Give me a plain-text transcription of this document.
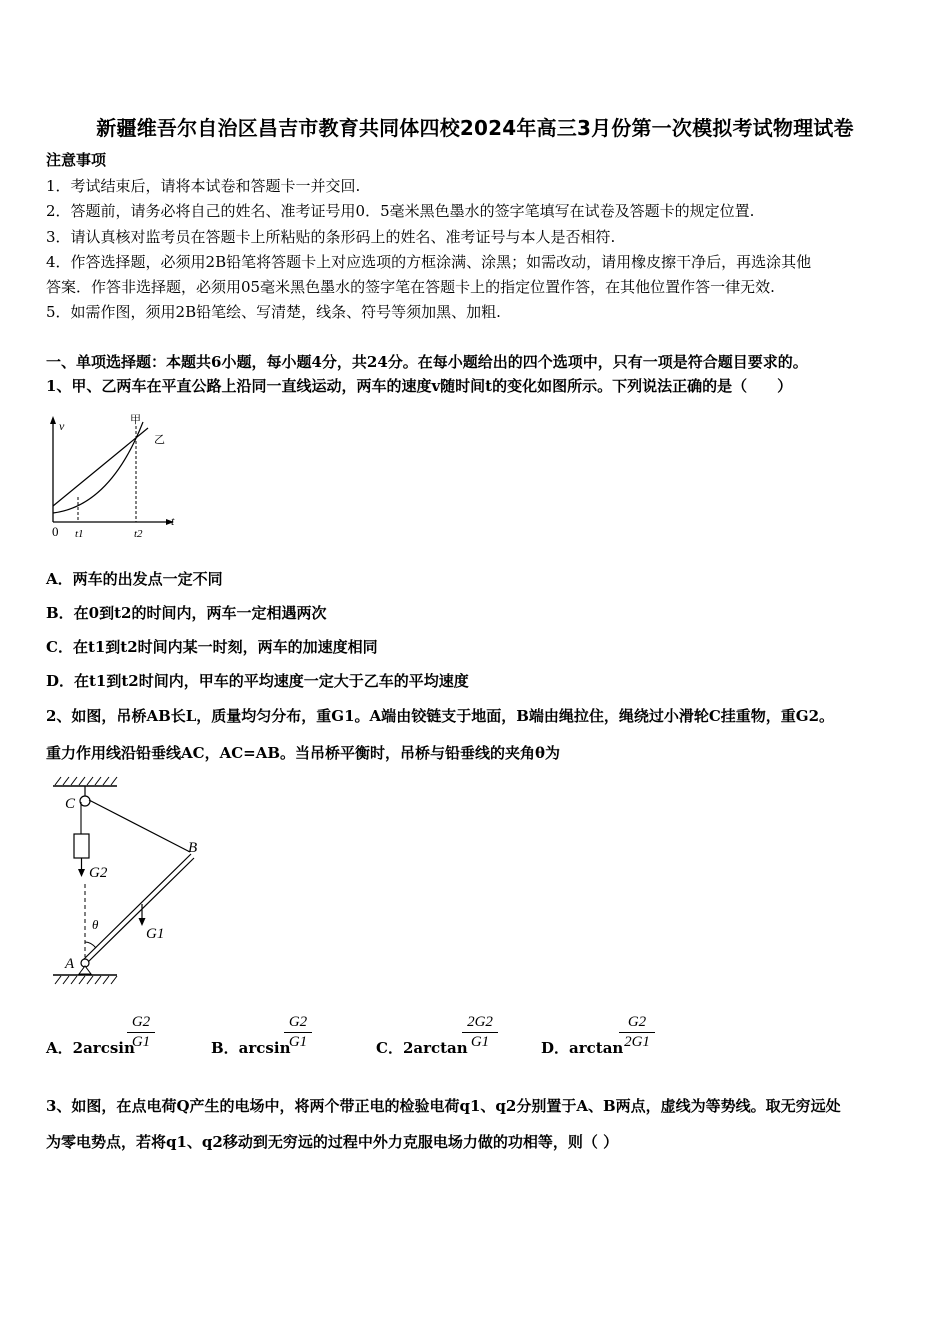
新疆维吾尔自治区昌吉市教育共同体四校2024年高三3月份第一次模拟考试物理试卷
注意事项
1．考试结束后，请将本试卷和答题卡一并交回.
2．答题前，请务必将自己的姓名、准考证号用0．5毫米黑色墨水的签字笔填写在试卷及答题卡的规定位置.
3．请认真核对监考员在答题卡上所粘贴的条形码上的姓名、准考证号与本人是否相符.
4．作答选择题，必须用2B铅笔将答题卡上对应选项的方框涂满、涂黑；如需改动，请用橡皮擦干净后，再选涂其他
答案．作答非选择题，必须用05毫米黑色墨水的签字笔在答题卡上的指定位置作答，在其他位置作答一律无效.
5．如需作图，须用2B铅笔绘、写清楚，线条、符号等须加黑、加粗.
一、单项选择题：本题共6小题，每小题4分，共24分。在每小题给出的四个选项中，只有一项是符合题目要求的。
1、甲、乙两车在平直公路上沿同一直线运动，两车的速度v随时间t的变化如图所示。下列说法正确的是（　　）
v
t
0 t1	t2
甲
乙
A．两车的出发点一定不同
B．在0到t2的时间内，两车一定相遇两次
C．在t1到t2时间内某一时刻，两车的加速度相同
D．在t1到t2时间内，甲车的平均速度一定大于乙车的平均速度
2、如图，吊桥AB长L，质量均匀分布，重G1。A端由铰链支于地面，B端由绳拉住，绳绕过小滑轮C挂重物，重G2。
重力作用线沿铅垂线AC，AC=AB。当吊桥平衡时，吊桥与铅垂线的夹角θ为
C
B
A
G2
G1
θ
A．2arcsin
$\frac{G2}{G1}$	B．arcsin
$\frac{G2}{G1}$	C．2arctan
$\frac{2G2}{G1}$	D．arctan
$\frac{G2}{2G1}$
3、如图，在点电荷Q产生的电场中，将两个带正电的检验电荷q1、q2分别置于A、B两点，虚线为等势线。取无穷远处
为零电势点，若将q1、q2移动到无穷远的过程中外力克服电场力做的功相等，则（ ）
